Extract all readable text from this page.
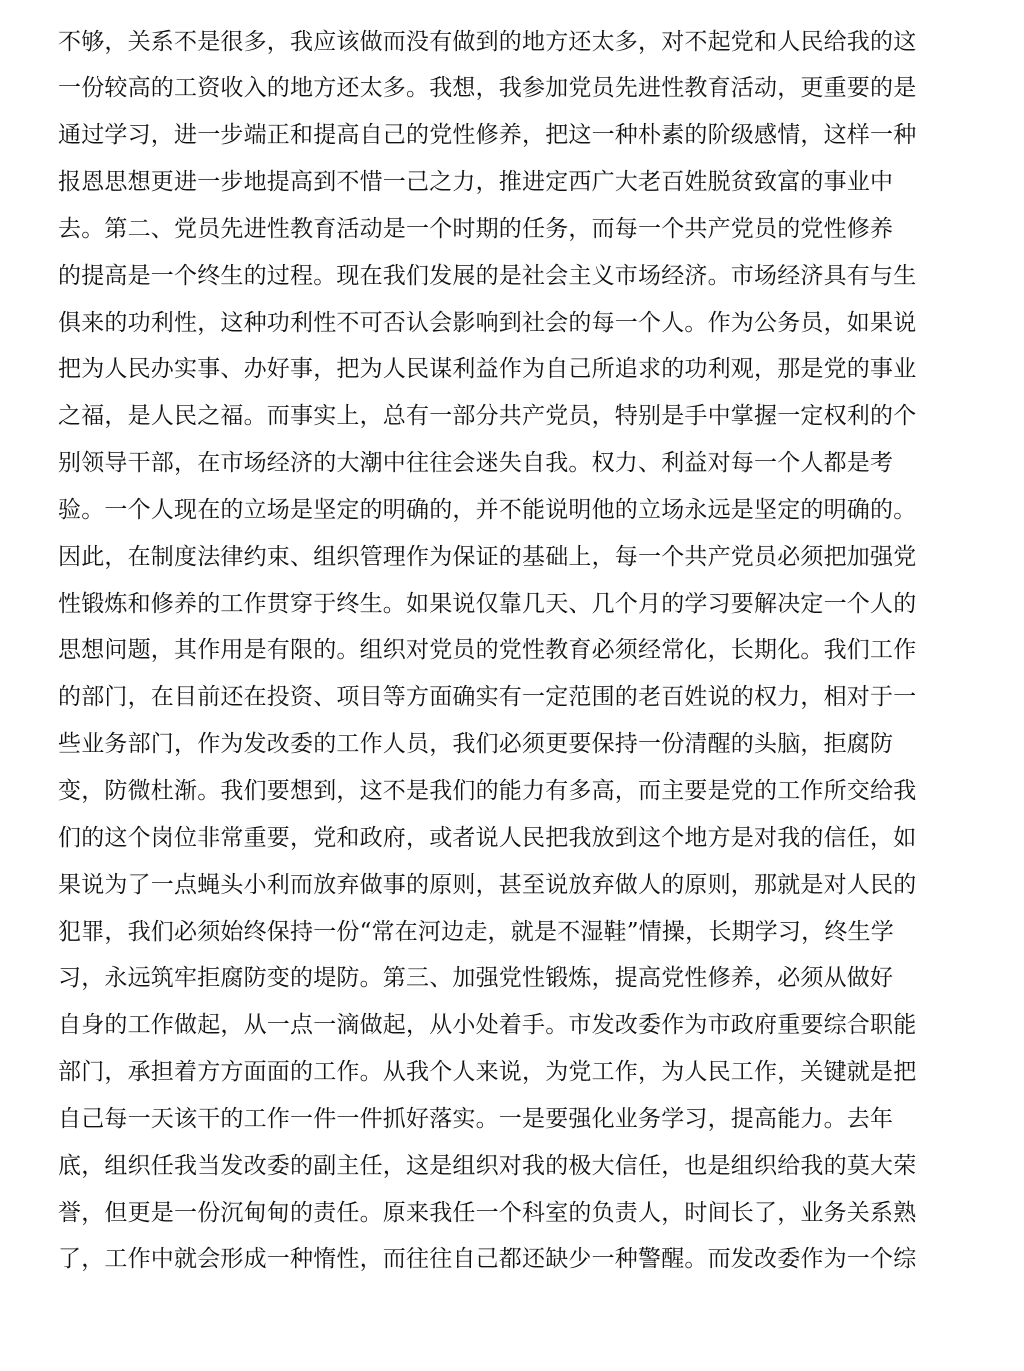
不够，关系不是很多，我应该做而没有做到的地方还太多，对不起党和人民给我的这
一份较高的工资收入的地方还太多。我想，我参加党员先进性教育活动，更重要的是
通过学习，进一步端正和提高自己的党性修养，把这一种朴素的阶级感情，这样一种
报恩思想更进一步地提高到不惜一己之力，推进定西广大老百姓脱贫致富的事业中
去。第二、党员先进性教育活动是一个时期的任务，而每一个共产党员的党性修养
的提高是一个终生的过程。现在我们发展的是社会主义市场经济。市场经济具有与生
俱来的功利性，这种功利性不可否认会影响到社会的每一个人。作为公务员，如果说
把为人民办实事、办好事，把为人民谋利益作为自己所追求的功利观，那是党的事业
之福，是人民之福。而事实上，总有一部分共产党员，特别是手中掌握一定权利的个
别领导干部，在市场经济的大潮中往往会迷失自我。权力、利益对每一个人都是考
验。一个人现在的立场是坚定的明确的，并不能说明他的立场永远是坚定的明确的。
因此，在制度法律约束、组织管理作为保证的基础上，每一个共产党员必须把加强党
性锻炼和修养的工作贯穿于终生。如果说仅靠几天、几个月的学习要解决定一个人的
思想问题，其作用是有限的。组织对党员的党性教育必须经常化，长期化。我们工作
的部门，在目前还在投资、项目等方面确实有一定范围的老百姓说的权力，相对于一
些业务部门，作为发改委的工作人员，我们必须更要保持一份清醒的头脑，拒腐防
变，防微杜渐。我们要想到，这不是我们的能力有多高，而主要是党的工作所交给我
们的这个岗位非常重要，党和政府，或者说人民把我放到这个地方是对我的信任，如
果说为了一点蝇头小利而放弃做事的原则，甚至说放弃做人的原则，那就是对人民的
犯罪，我们必须始终保持一份“常在河边走，就是不湿鞋”情操，长期学习，终生学
习，永远筑牢拒腐防变的堤防。第三、加强党性锻炼，提高党性修养，必须从做好
自身的工作做起，从一点一滴做起，从小处着手。市发改委作为市政府重要综合职能
部门，承担着方方面面的工作。从我个人来说，为党工作，为人民工作，关键就是把
自己每一天该干的工作一件一件抓好落实。一是要强化业务学习，提高能力。去年
底，组织任我当发改委的副主任，这是组织对我的极大信任，也是组织给我的莫大荣
誉，但更是一份沉甸甸的责任。原来我任一个科室的负责人，时间长了，业务关系熟
了，工作中就会形成一种惰性，而往往自己都还缺少一种警醒。而发改委作为一个综
